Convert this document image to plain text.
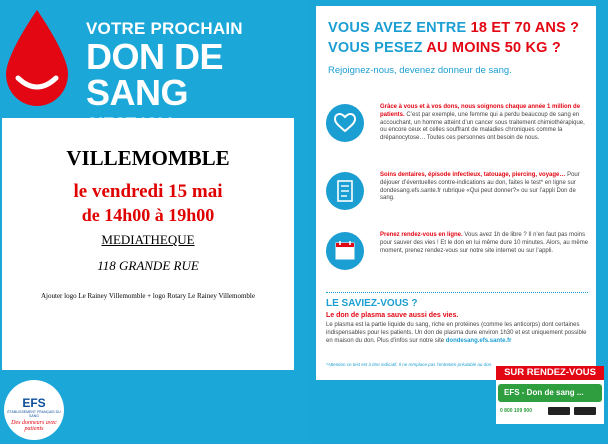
VOTRE PROCHAIN
DON DE SANG
VILLEMOMBLE
le vendredi 15 mai
de 14h00 à 19h00
MEDIATHEQUE
118 GRANDE RUE
Ajouter logo Le Rainey Villemomble + logo Rotary Le Rainey Villemomble
EFS
ÉTABLISSEMENT FRANÇAIS DU SANG
Des donneurs avec patients
VOUS AVEZ ENTRE 18 ET 70 ANS ?
VOUS PESEZ AU MOINS 50 KG ?
Rejoignez-nous, devenez donneur de sang.
Grâce à vous et à vos dons, nous soignons chaque année 1 million de patients. C’est par exemple, une femme qui a perdu beaucoup de sang en accouchant, un homme atteint d’un cancer sous traitement chimiothérapique, ou encore ceux et celles souffrant de maladies chroniques comme la drépanocytose… Toutes ces personnes ont besoin de nous.
Soins dentaires, épisode infectieux, tatouage, piercing, voyage… Pour déjouer d’éventuelles contre-indications au don, faites le test* en ligne sur dondesang.efs.sante.fr rubrique «Qui peut donner?» ou sur l’appli Don de sang.
Prenez rendez-vous en ligne. Vous avez 1h de libre ? Il n’en faut pas moins pour sauver des vies ! Et le don en lui même dure 10 minutes. Alors, au même moment, prenez rendez-vous sur notre site internet ou sur l’appli.
LE SAVIEZ-VOUS ?
Le don de plasma sauve aussi des vies.
Le plasma est la partie liquide du sang, riche en protéines (comme les anticorps) dont certaines indispensables pour les patients. Un don de plasma dure environ 1h30 et est uniquement possible en maison du don. Plus d’infos sur notre site dondesang.efs.sante.fr
*Attention ce test est à titre indicatif. Il ne remplace pas l’entretien préalable au don.
SUR RENDEZ-VOUS
EFS - Don de sang ...
0 800 109 900
